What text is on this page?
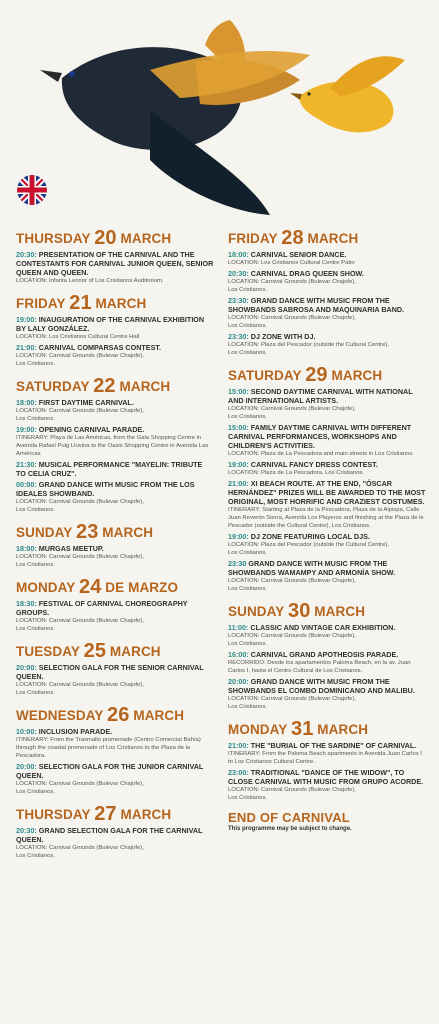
THURSDAY 20 MARCH
20:30: PRESENTATION OF THE CARNIVAL AND THE CONTESTANTS FOR CARNIVAL JUNIOR QUEEN, SENIOR QUEEN AND QUEEN.
LOCATION: Infanta Leonor of Los Cristianos Auditorium.
FRIDAY 21 MARCH
19:00: INAUGURATION OF THE CARNIVAL EXHIBITION BY LALY GONZÁLEZ.
LOCATION: Los Cristianos Cultural Centre Hall
21:00: CARNIVAL COMPARSAS CONTEST.
LOCATION: Carnival Grounds (Bulevar Chajofe),
Los Cristianos.
SATURDAY 22 MARCH
18:00: FIRST DAYTIME CARNIVAL.
LOCATION: Carnival Grounds (Bulevar Chajofe),
Los Cristianos.
19:00: OPENING CARNIVAL PARADE.
ITINERARY: Playa de Las Américas, from the Gala Shopping Centre in Avenida Rafael Puig Lluvina to the Oasis Shopping Centre in Avenida Las Américas
21:30: MUSICAL PERFORMANCE "MAYELIN: TRIBUTE TO CELIA CRUZ".
00:00: GRAND DANCE WITH MUSIC FROM THE LOS IDEALES SHOWBAND.
LOCATION: Carnival Grounds (Bulevar Chajofe),
Los Cristianos.
SUNDAY 23 MARCH
18:00: MURGAS MEETUP.
LOCATION: Carnival Grounds (Bulevar Chajofe),
Los Cristianos.
MONDAY 24 DE MARZO
18:30: FESTIVAL OF CARNIVAL CHOREOGRAPHY GROUPS.
LOCATION: Carnival Grounds (Bulevar Chajofe),
Los Cristianos.
TUESDAY 25 MARCH
20:00: SELECTION GALA FOR THE SENIOR CARNIVAL QUEEN.
LOCATION: Carnival Grounds (Bulevar Chajofe),
Los Cristianos.
WEDNESDAY 26 MARCH
10:00: INCLUSION PARADE.
ITINERARY: From the Trasmallo promenade (Centro Comercial Bahía) through the coastal promenade of Los Cristianos to the Plaza de la Pescadora.
20:00: SELECTION GALA FOR THE JUNIOR CARNIVAL QUEEN.
LOCATION: Carnival Grounds (Bulevar Chajofe),
Los Cristianos.
THURSDAY 27 MARCH
20:30: GRAND SELECTION GALA FOR THE CARNIVAL QUEEN.
LOCATION: Carnival Grounds (Bulevar Chajofe),
Los Cristianos.
FRIDAY 28 MARCH
18:00: CARNIVAL SENIOR DANCE.
LOCATION: Los Cristianos Cultural Centre Patio
20:30: CARNIVAL DRAG QUEEN SHOW.
LOCATION: Carnival Grounds (Bulevar Chajofe),
Los Cristianos.
23:30: GRAND DANCE WITH MUSIC FROM THE SHOWBANDS SABROSA AND MAQUINARIA BAND.
LOCATION: Carnival Grounds (Bulevar Chajofe),
Los Cristianos.
23:30: DJ ZONE WITH DJ.
LOCATION: Plaza del Pescador (outside the Cultural Centre),
Los Cristianos.
SATURDAY 29 MARCH
15:00: SECOND DAYTIME CARNIVAL WITH NATIONAL AND INTERNATIONAL ARTISTS.
LOCATION: Carnival Grounds (Bulevar Chajofe),
Los Cristianos.
15:00: FAMILY DAYTIME CARNIVAL WITH DIFFERENT CARNIVAL PERFORMANCES, WORKSHOPS AND CHILDREN'S ACTIVITIES.
LOCATION: Plaza de La Pescadora and main streets in Los Cristianos.
19:00: CARNIVAL FANCY DRESS CONTEST.
LOCATION: Plaza de La Pescadora, Los Cristianos.
21:00: XI BEACH ROUTE. AT THE END, "ÓSCAR HERNÁNDEZ" PRIZES WILL BE AWARDED TO THE MOST ORIGINAL, MOST HORRIFIC AND CRAZIEST COSTUMES.
ITINERARY: Starting at Plaza de la Pescadora, Plaza de la Alpispa, Calle Juan Reverón Sierra, Avenida Los Playeros and finishing at the Plaza de le Pescador (outside the Cultural Centre), Los Cristianos.
19:00: DJ ZONE FEATURING LOCAL DJS.
LOCATION: Plaza del Pescador (outside the Cultural Centre),
Los Cristianos.
23:30 GRAND DANCE WITH MUSIC FROM THE SHOWBANDS WAMAMPY AND ARMONÍA SHOW.
LOCATION: Carnival Grounds (Bulevar Chajofe),
Los Cristianos.
SUNDAY 30 MARCH
11:00: CLASSIC AND VINTAGE CAR EXHIBITION.
LOCATION: Carnival Grounds (Bulevar Chajofe),
Los Cristianos.
16:00: CARNIVAL GRAND APOTHEOSIS PARADE.
RECORRIDO: Desde los apartamentos Paloma Beach, en la av. Juan Carlos I, hasta el Centro Cultural de Los Cristianos.
20:00: GRAND DANCE WITH MUSIC FROM THE SHOWBANDS EL COMBO DOMINICANO AND MALIBU.
LOCATION: Carnival Grounds (Bulevar Chajofe),
Los Cristianos.
MONDAY 31 MARCH
21:00: THE "BURIAL OF THE SARDINE" OF CARNIVAL.
ITINERARY: From the Paloma Beach apartments in Avenida Juan Carlos I to Los Cristianos Cultural Centre.
23:00: TRADITIONAL "DANCE OF THE WIDOW", TO CLOSE CARNIVAL WITH MUSIC FROM GRUPO ACORDE.
LOCATION: Carnival Grounds (Bulevar Chajofe),
Los Cristianos.
END OF CARNIVAL
This programme may be subject to change.
